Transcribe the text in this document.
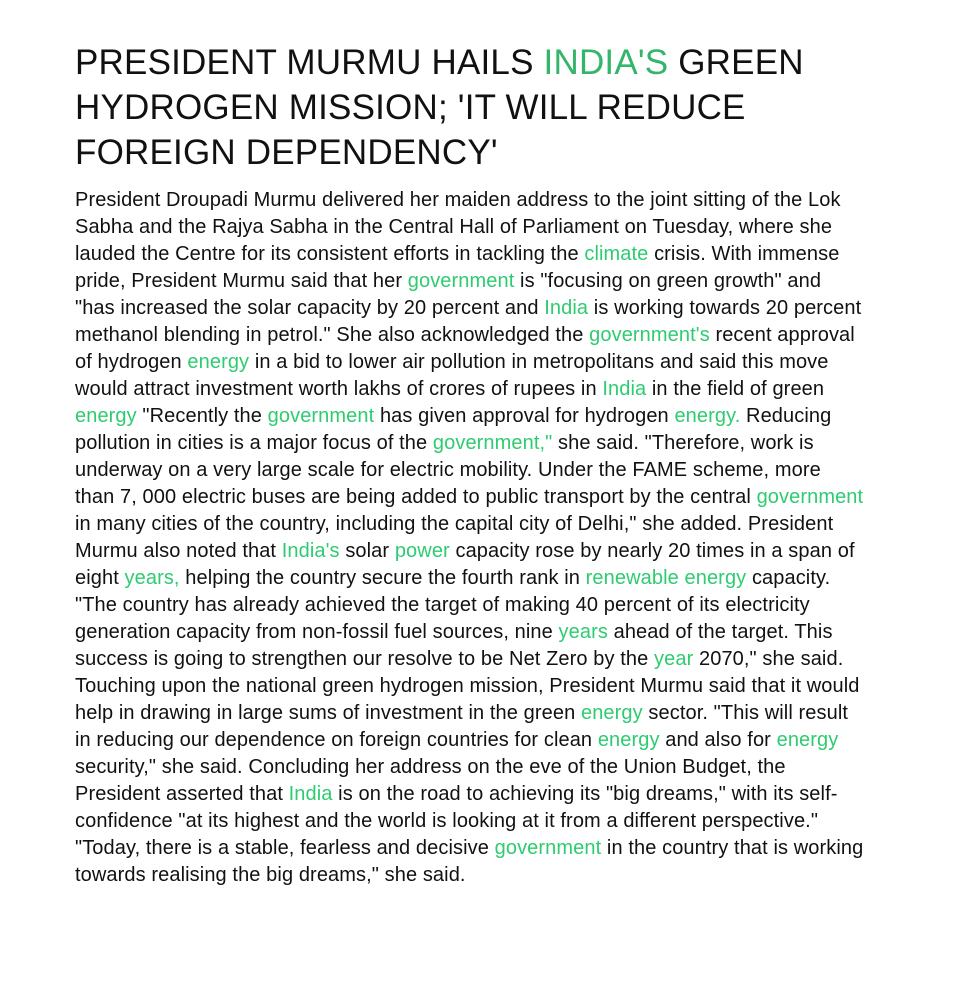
PRESIDENT MURMU HAILS INDIA'S GREEN HYDROGEN MISSION; 'IT WILL REDUCE FOREIGN DEPENDENCY'

President Droupadi Murmu delivered her maiden address to the joint sitting of the Lok Sabha and the Rajya Sabha in the Central Hall of Parliament on Tuesday, where she lauded the Centre for its consistent efforts in tackling the climate crisis. With immense pride, President Murmu said that her government is "focusing on green growth" and "has increased the solar capacity by 20 percent and India is working towards 20 percent methanol blending in petrol." She also acknowledged the government's recent approval of hydrogen energy in a bid to lower air pollution in metropolitans and said this move would attract investment worth lakhs of crores of rupees in India in the field of green energy "Recently the government has given approval for hydrogen energy. Reducing pollution in cities is a major focus of the government," she said. "Therefore, work is underway on a very large scale for electric mobility. Under the FAME scheme, more than 7, 000 electric buses are being added to public transport by the central government in many cities of the country, including the capital city of Delhi," she added. President Murmu also noted that India's solar power capacity rose by nearly 20 times in a span of eight years, helping the country secure the fourth rank in renewable energy capacity. "The country has already achieved the target of making 40 percent of its electricity generation capacity from non-fossil fuel sources, nine years ahead of the target. This success is going to strengthen our resolve to be Net Zero by the year 2070," she said. Touching upon the national green hydrogen mission, President Murmu said that it would help in drawing in large sums of investment in the green energy sector. "This will result in reducing our dependence on foreign countries for clean energy and also for energy security," she said. Concluding her address on the eve of the Union Budget, the President asserted that India is on the road to achieving its "big dreams," with its self-confidence "at its highest and the world is looking at it from a different perspective." "Today, there is a stable, fearless and decisive government in the country that is working towards realising the big dreams," she said.
